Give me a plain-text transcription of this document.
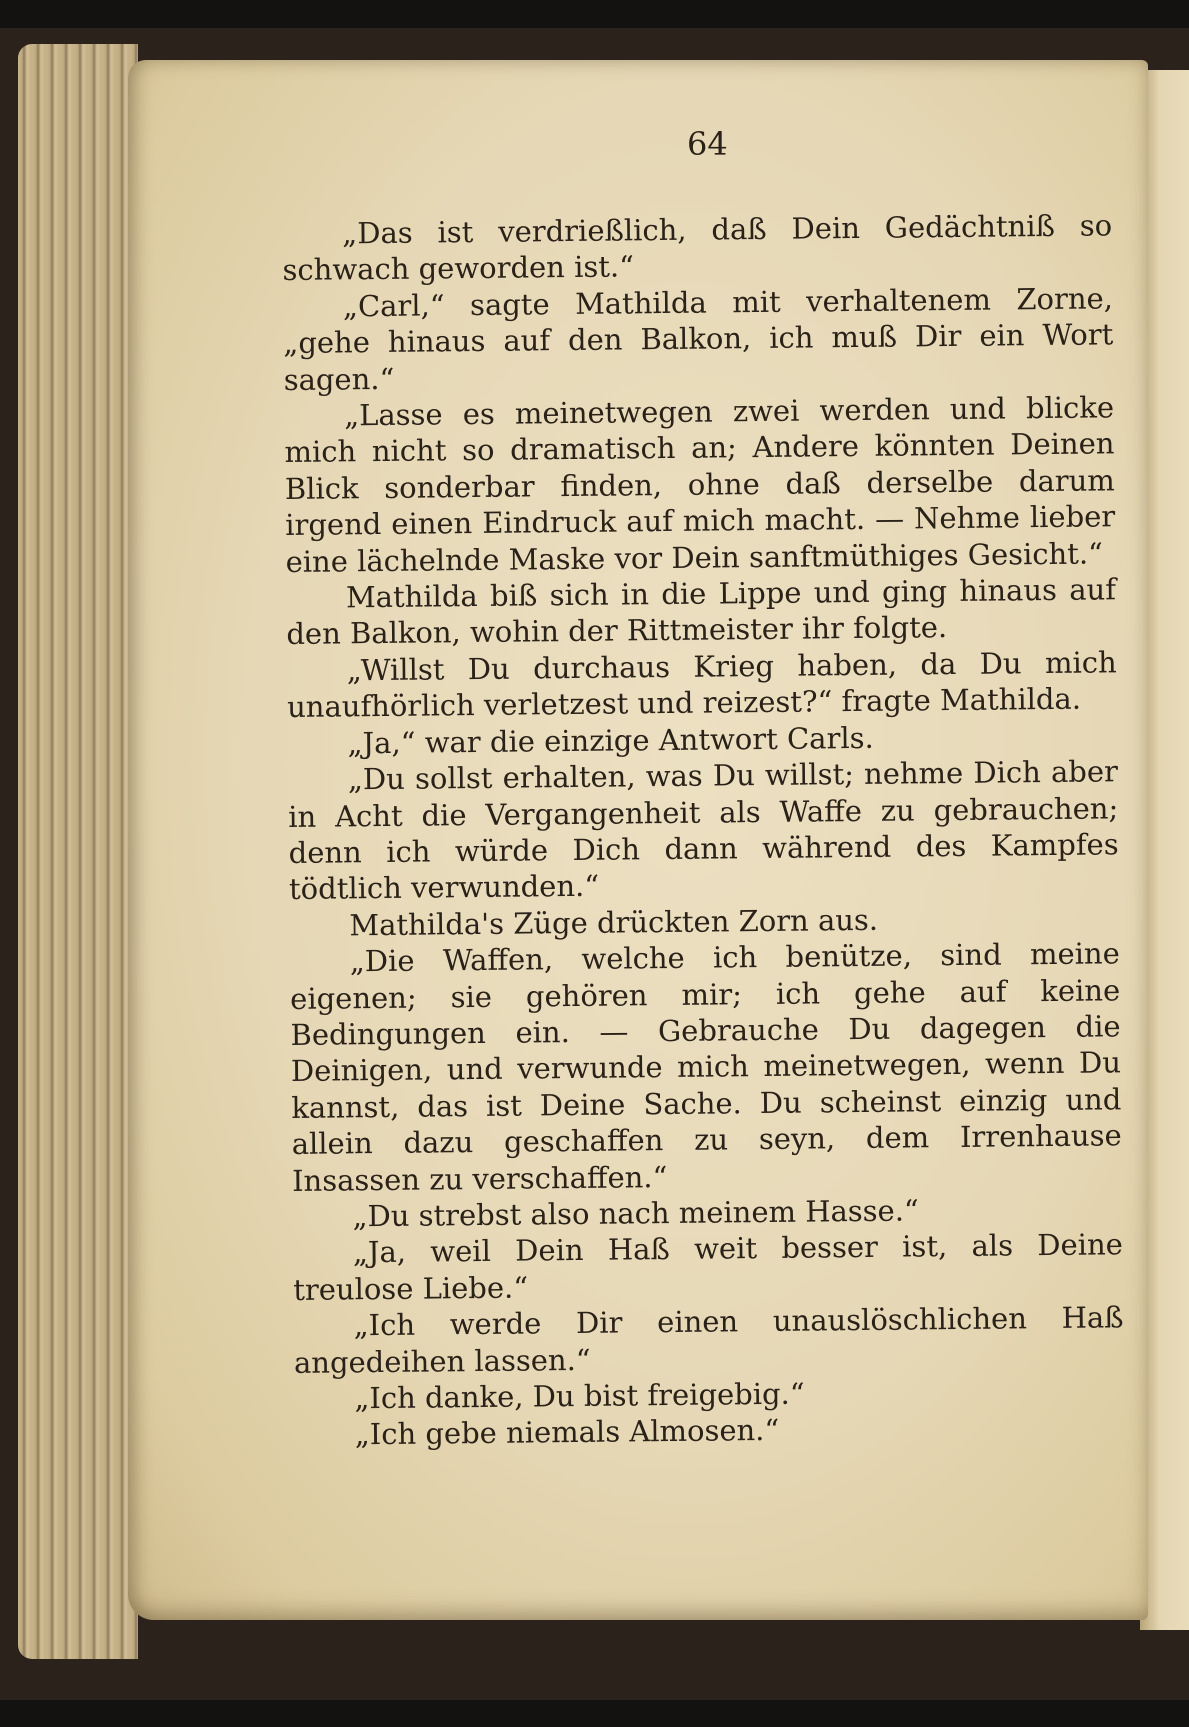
64

„Das ist verdrießlich, daß Dein Gedächtniß so schwach geworden ist.“

„Carl,“ sagte Mathilda mit verhaltenem Zorne, „gehe hinaus auf den Balkon, ich muß Dir ein Wort sagen.“

„Lasse es meinetwegen zwei werden und blicke mich nicht so dramatisch an; Andere könnten Deinen Blick sonderbar finden, ohne daß derselbe darum irgend einen Eindruck auf mich macht. — Nehme lieber eine lächelnde Maske vor Dein sanftmüthiges Gesicht.“

Mathilda biß sich in die Lippe und ging hinaus auf den Balkon, wohin der Rittmeister ihr folgte.

„Willst Du durchaus Krieg haben, da Du mich unaufhörlich verletzest und reizest?“ fragte Mathilda.

„Ja,“ war die einzige Antwort Carls.

„Du sollst erhalten, was Du willst; nehme Dich aber in Acht die Vergangenheit als Waffe zu gebrauchen; denn ich würde Dich dann während des Kampfes tödtlich verwunden.“

Mathilda's Züge drückten Zorn aus.

„Die Waffen, welche ich benütze, sind meine eigenen; sie gehören mir; ich gehe auf keine Bedingungen ein. — Gebrauche Du dagegen die Deinigen, und verwunde mich meinetwegen, wenn Du kannst, das ist Deine Sache. Du scheinst einzig und allein dazu geschaffen zu seyn, dem Irrenhause Insassen zu verschaffen.“

„Du strebst also nach meinem Hasse.“

„Ja, weil Dein Haß weit besser ist, als Deine treulose Liebe.“

„Ich werde Dir einen unauslöschlichen Haß angedeihen lassen.“

„Ich danke, Du bist freigebig.“

„Ich gebe niemals Almosen.“
